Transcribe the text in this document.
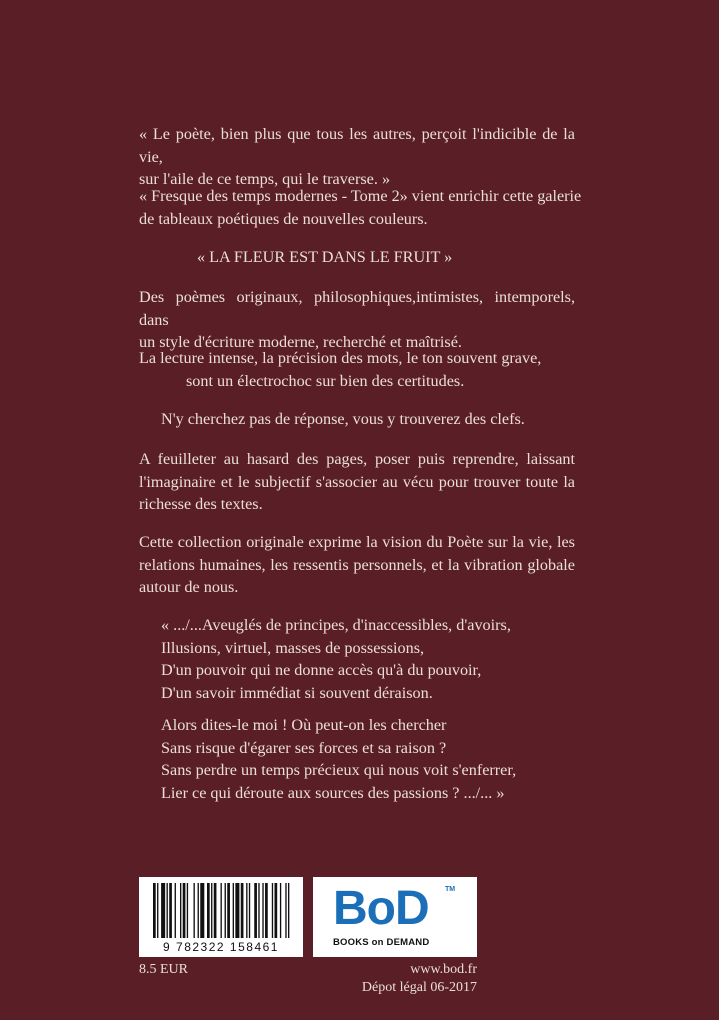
« Le poète, bien plus que tous les autres, perçoit l'indicible de la vie,
sur l'aile de ce temps, qui le traverse. »

« Fresque des temps modernes - Tome 2» vient enrichir cette galerie
de tableaux poétiques de nouvelles couleurs.

« LA FLEUR EST DANS LE FRUIT »

Des poèmes originaux, philosophiques,intimistes, intemporels, dans
un style d'écriture moderne, recherché et maîtrisé.

La lecture intense, la précision des mots, le ton souvent grave,
sont un électrochoc sur bien des certitudes.

N'y cherchez pas de réponse, vous y trouverez des clefs.

A feuilleter au hasard des pages, poser puis reprendre, laissant
l'imaginaire et le subjectif s'associer au vécu pour trouver toute la
richesse des textes.

Cette collection originale exprime la vision du Poète sur la vie, les
relations humaines, les ressentis personnels, et la vibration globale
autour de nous.

« .../...Aveuglés de principes, d'inaccessibles, d'avoirs,
Illusions, virtuel, masses de possessions,
D'un pouvoir qui ne donne accès qu'à du pouvoir,
D'un savoir immédiat si souvent déraison.

Alors dites-le moi ! Où peut-on les chercher
Sans risque d'égarer ses forces et sa raison ?
Sans perdre un temps précieux qui nous voit s'enferrer,
Lier ce qui déroute aux sources des passions ? .../... »

9 782322 158461
BoD TM
BOOKS on DEMAND
8.5 EUR	www.bod.fr
Dépot légal 06-2017
